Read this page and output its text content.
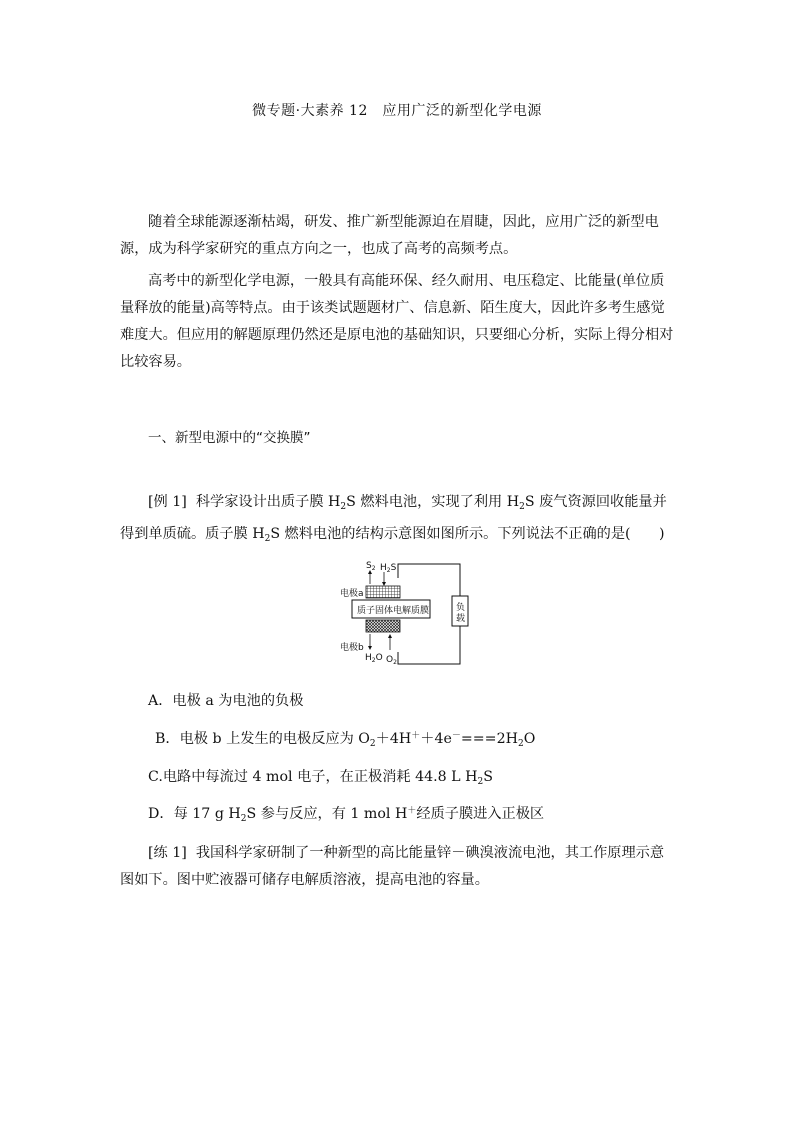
微专题·大素养 12　应用广泛的新型化学电源
随着全球能源逐渐枯竭，研发、推广新型能源迫在眉睫，因此，应用广泛的新型电源，成为科学家研究的重点方向之一，也成了高考的高频考点。
高考中的新型化学电源，一般具有高能环保、经久耐用、电压稳定、比能量(单位质量释放的能量)高等特点。由于该类试题题材广、信息新、陌生度大，因此许多考生感觉难度大。但应用的解题原理仍然还是原电池的基础知识，只要细心分析，实际上得分相对比较容易。
一、新型电源中的“交换膜”
[例 1] 科学家设计出质子膜 $H_2S$ 燃料电池，实现了利用 $H_2S$ 废气资源回收能量并得到单质硫。质子膜 $H_2S$ 燃料电池的结构示意图如图所示。下列说法不正确的是(　　)
负
载
电极a
质子固体电解质膜
电极b
$S_2$ $H_2S$
$H_2O$ $O_2$
A．电极 a 为电池的负极
B．电极 b 上发生的电极反应为 $O_2+4H^++4e^-===2H_2O$
C.电路中每流过 4 mol 电子，在正极消耗 44.8 L $H_2S$
D．每 17 g $H_2S$ 参与反应，有 1 mol H＋经质子膜进入正极区
[练 1] 我国科学家研制了一种新型的高比能量锌－碘溴液流电池，其工作原理示意图如下。图中贮液器可储存电解质溶液，提高电池的容量。
